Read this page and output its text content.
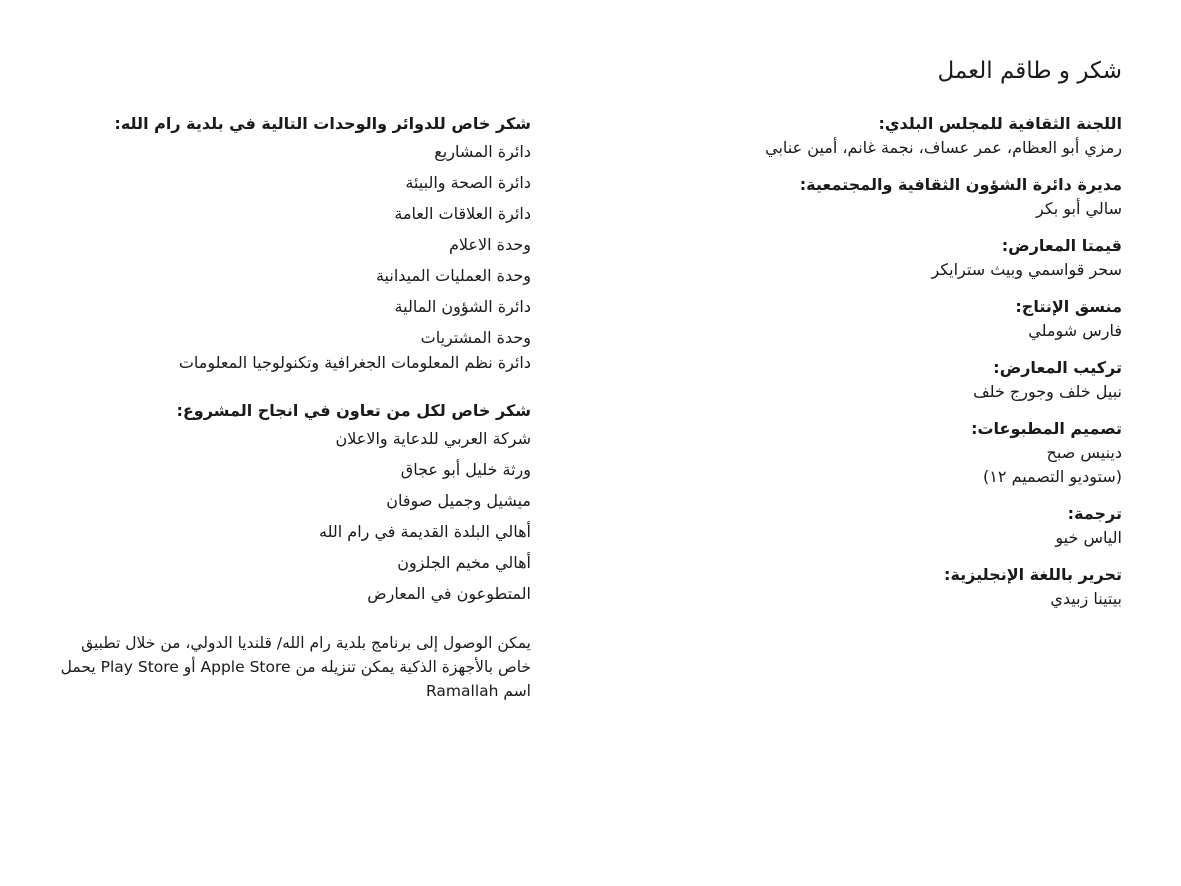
شكر و طاقم العمل
اللجنة الثقافية للمجلس البلدي:
رمزي أبو العظام، عمر عساف، نجمة غانم، أمين عنابي
مديرة دائرة الشؤون الثقافية والمجتمعية:
سالي أبو بكر
قيمتا المعارض:
سحر قواسمي وبيث سترايكر
منسق الإنتاج:
فارس شوملي
تركيب المعارض:
نبيل خلف وجورج خلف
تصميم المطبوعات:
دينيس صبح
(ستوديو التصميم ١٢)
ترجمة:
الياس خيو
تحرير باللغة الإنجليزية:
بيتينا زبيدي
شكر خاص للدوائر والوحدات التالية في بلدية رام الله:
دائرة المشاريع
دائرة الصحة والبيئة
دائرة العلاقات العامة
وحدة الاعلام
وحدة العمليات الميدانية
دائرة الشؤون المالية
وحدة المشتريات
دائرة نظم المعلومات الجغرافية وتكنولوجيا المعلومات
شكر خاص لكل من تعاون في انجاح المشروع:
شركة العربي للدعاية والاعلان
ورثة خليل أبو عجاق
ميشيل وجميل صوفان
أهالي البلدة القديمة في رام الله
أهالي مخيم الجلزون
المتطوعون في المعارض

يمكن الوصول إلى برنامج بلدية رام الله/ قلنديا الدولي، من خلال تطبيق خاص بالأجهزة الذكية يمكن تنزيله من Apple Store أو Play Store يحمل اسم Ramallah
